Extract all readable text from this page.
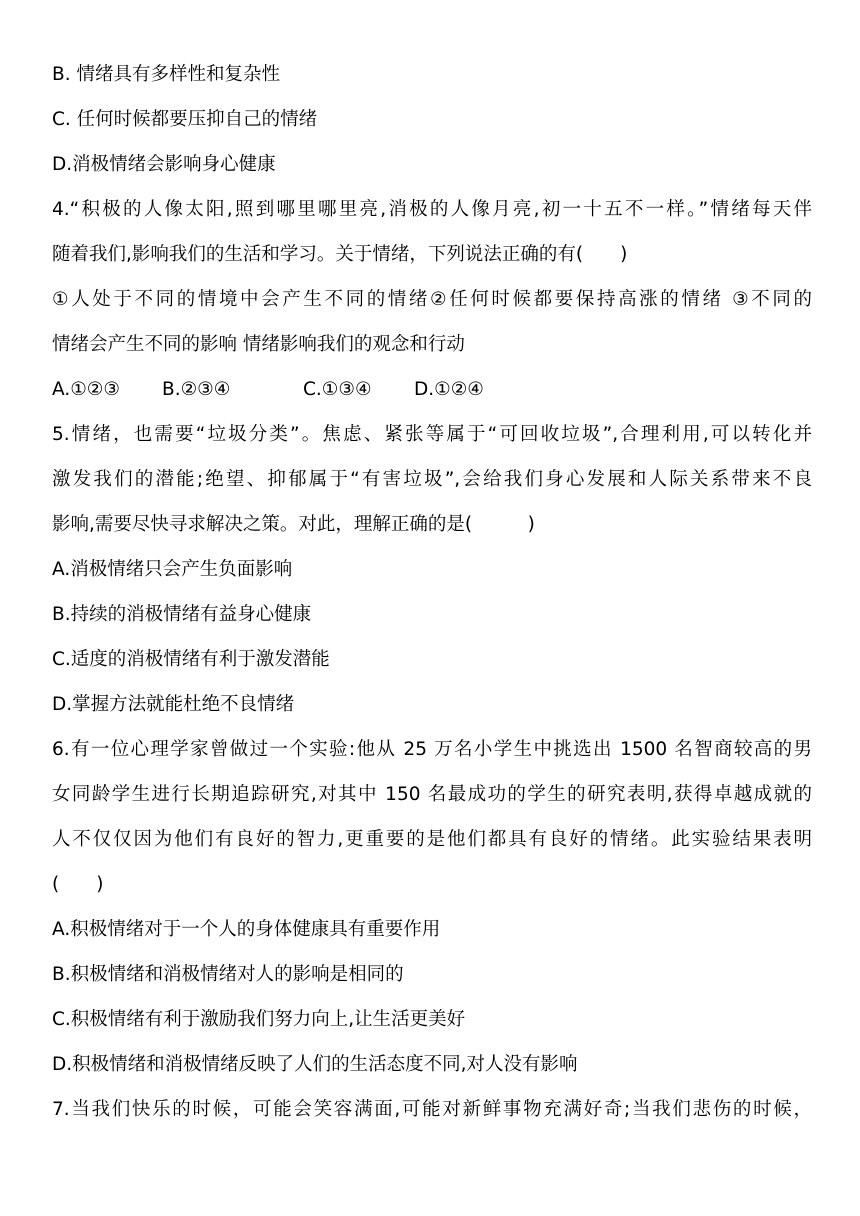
B. 情绪具有多样性和复杂性
C. 任何时候都要压抑自己的情绪
D.消极情绪会影响身心健康
4.“积极的人像太阳,照到哪里哪里亮,消极的人像月亮,初一十五不一样。”情绪每天伴
随着我们,影响我们的生活和学习。关于情绪，下列说法正确的有(　　)
①人处于不同的情境中会产生不同的情绪②任何时候都要保持高涨的情绪 ③不同的
情绪会产生不同的影响 情绪影响我们的观念和行动
A.①②③ B.②③④	C.①③④ D.①②④
5.情绪，也需要“垃圾分类”。焦虑、紧张等属于“可回收垃圾”,合理利用,可以转化并
激发我们的潜能;绝望、抑郁属于“有害垃圾”,会给我们身心发展和人际关系带来不良
影响,需要尽快寻求解决之策。对此，理解正确的是(　　　)
A.消极情绪只会产生负面影响
B.持续的消极情绪有益身心健康
C.适度的消极情绪有利于激发潜能
D.掌握方法就能杜绝不良情绪
6.有一位心理学家曾做过一个实验:他从 25 万名小学生中挑选出 1500 名智商较高的男
女同龄学生进行长期追踪研究,对其中 150 名最成功的学生的研究表明,获得卓越成就的
人不仅仅因为他们有良好的智力,更重要的是他们都具有良好的情绪。此实验结果表明
(　　)
A.积极情绪对于一个人的身体健康具有重要作用
B.积极情绪和消极情绪对人的影响是相同的
C.积极情绪有利于激励我们努力向上,让生活更美好
D.积极情绪和消极情绪反映了人们的生活态度不同,对人没有影响
7.当我们快乐的时候，可能会笑容满面,可能对新鲜事物充满好奇;当我们悲伤的时候，
